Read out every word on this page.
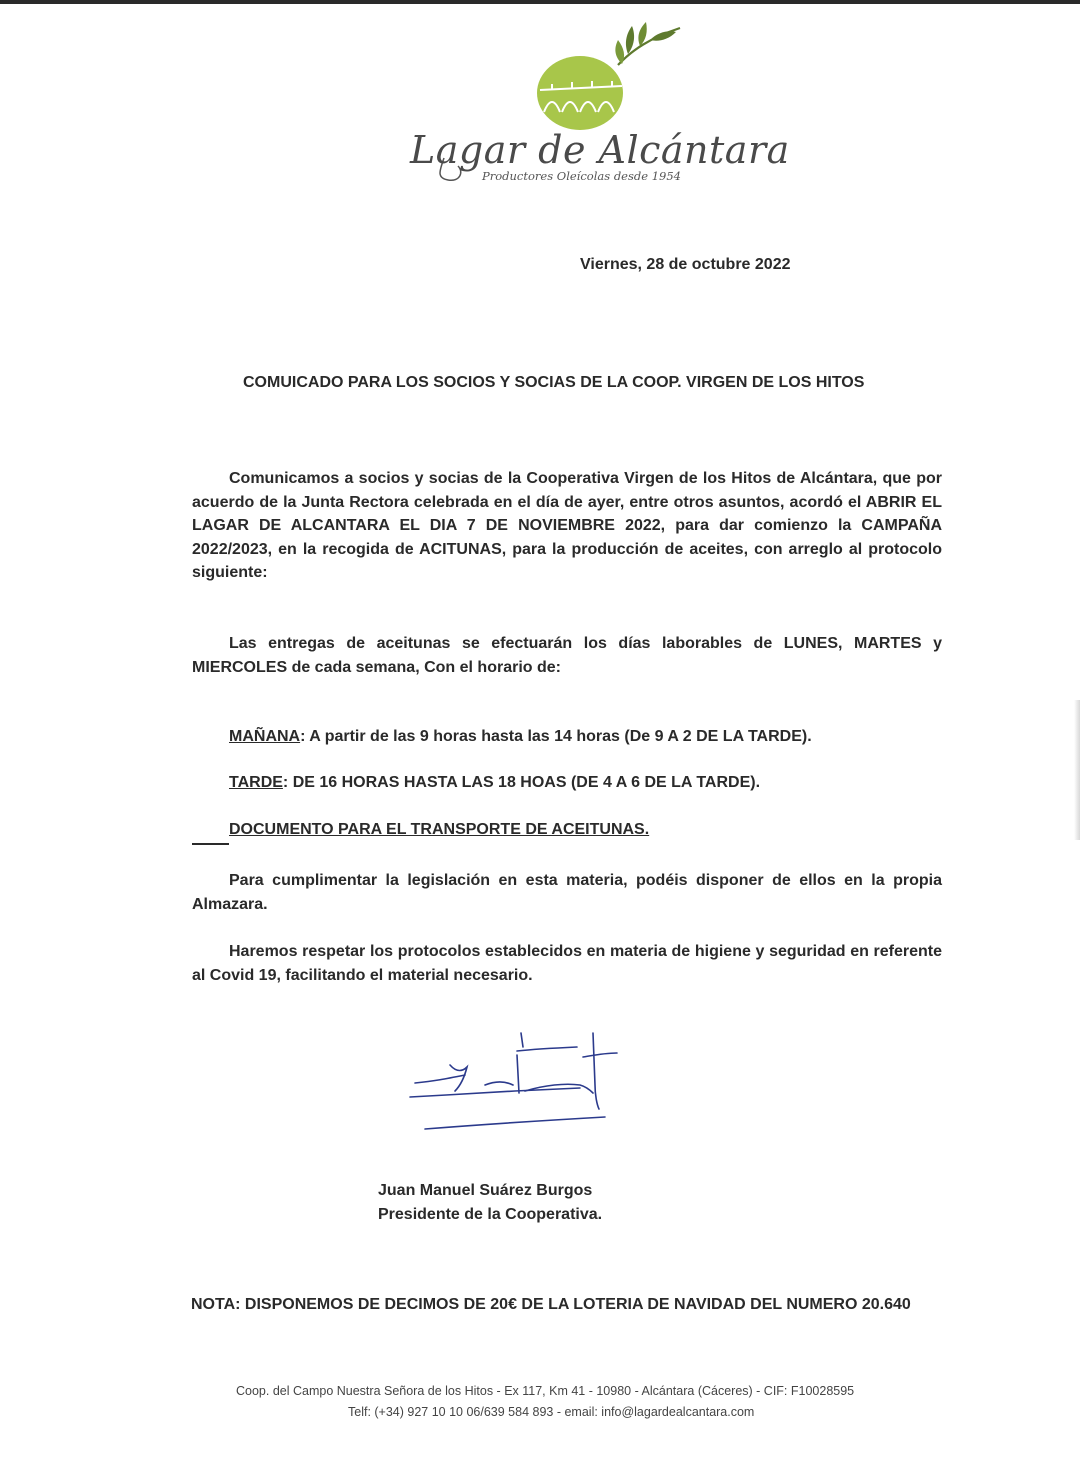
Lagar de Alcántara
Productores Oleícolas desde 1954
Viernes, 28 de octubre 2022
COMUICADO PARA LOS SOCIOS Y SOCIAS DE LA COOP. VIRGEN DE LOS HITOS
Comunicamos a socios y socias de la Cooperativa Virgen de los Hitos de Alcántara, que por acuerdo de la Junta Rectora celebrada en el día de ayer, entre otros asuntos, acordó el ABRIR EL LAGAR DE ALCANTARA EL DIA 7 DE NOVIEMBRE 2022, para dar comienzo la CAMPAÑA 2022/2023, en la recogida de ACITUNAS, para la producción de aceites, con arreglo al protocolo siguiente:
Las entregas de aceitunas se efectuarán los días laborables de LUNES, MARTES y MIERCOLES de cada semana, Con el horario de:
MAÑANA: A partir de las 9 horas hasta las 14 horas (De 9 A 2 DE LA TARDE).
TARDE: DE 16 HORAS HASTA LAS 18 HOAS (DE 4 A 6 DE LA TARDE).
DOCUMENTO PARA EL TRANSPORTE DE ACEITUNAS.
Para cumplimentar la legislación en esta materia, podéis disponer de ellos en la propia Almazara.
Haremos respetar los protocolos establecidos en materia de higiene y seguridad en referente al Covid 19, facilitando el material necesario.
Juan Manuel Suárez Burgos
Presidente de la Cooperativa.
NOTA: DISPONEMOS DE DECIMOS DE 20€ DE LA LOTERIA DE NAVIDAD DEL NUMERO 20.640
Coop. del Campo Nuestra Señora de los Hitos - Ex 117, Km 41 - 10980 - Alcántara (Cáceres) - CIF: F10028595
Telf: (+34) 927 10 10 06/639 584 893 - email: info@lagardealcantara.com
